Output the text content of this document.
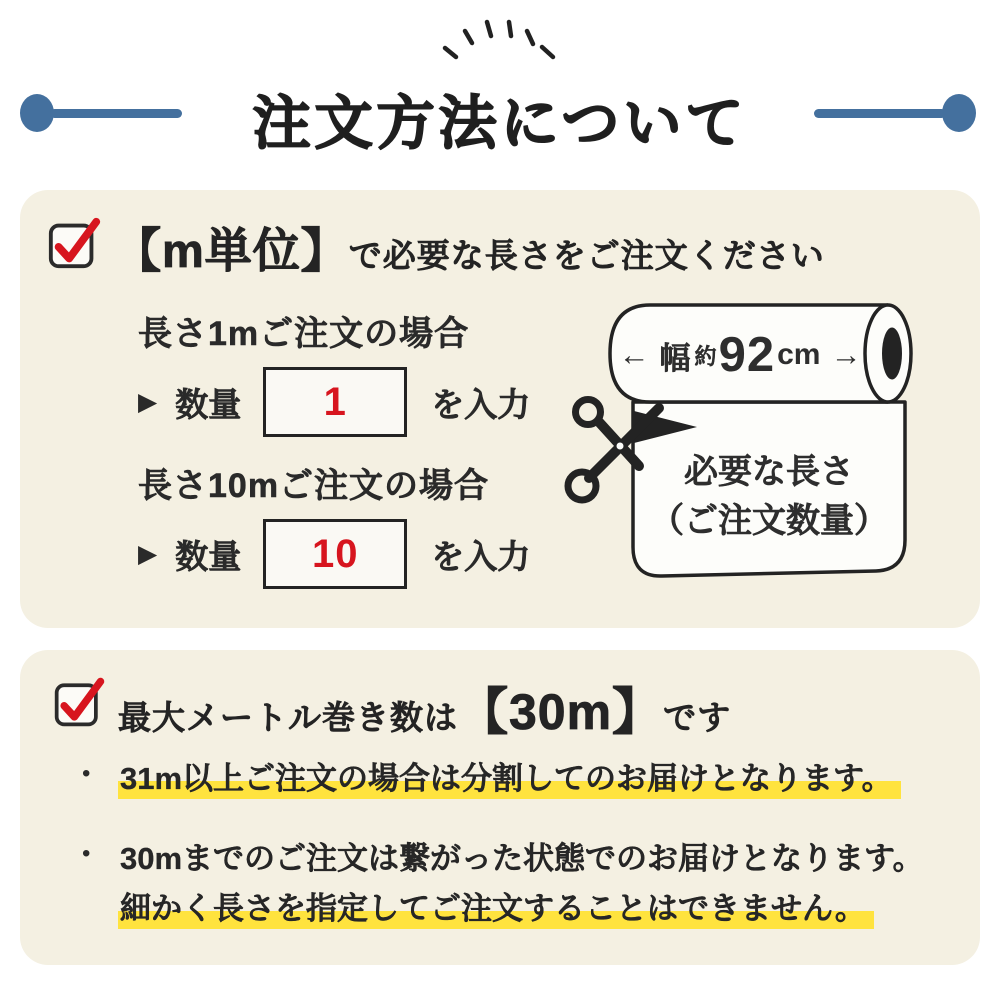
注文方法について
【m単位】 で必要な長さをご注文ください
長さ1mご注文の場合
▶ 数量 1	を入力
長さ10mご注文の場合
▶ 数量 10 を入力
← 幅 約 92 cm →
必要な長さ
（ご注文数量）
最大メートル巻き数は 【30m】 です
• 31m以上ご注文の場合は分割してのお届けとなります。
• 30mまでのご注文は繋がった状態でのお届けとなります。
細かく長さを指定してご注文することはできません。
